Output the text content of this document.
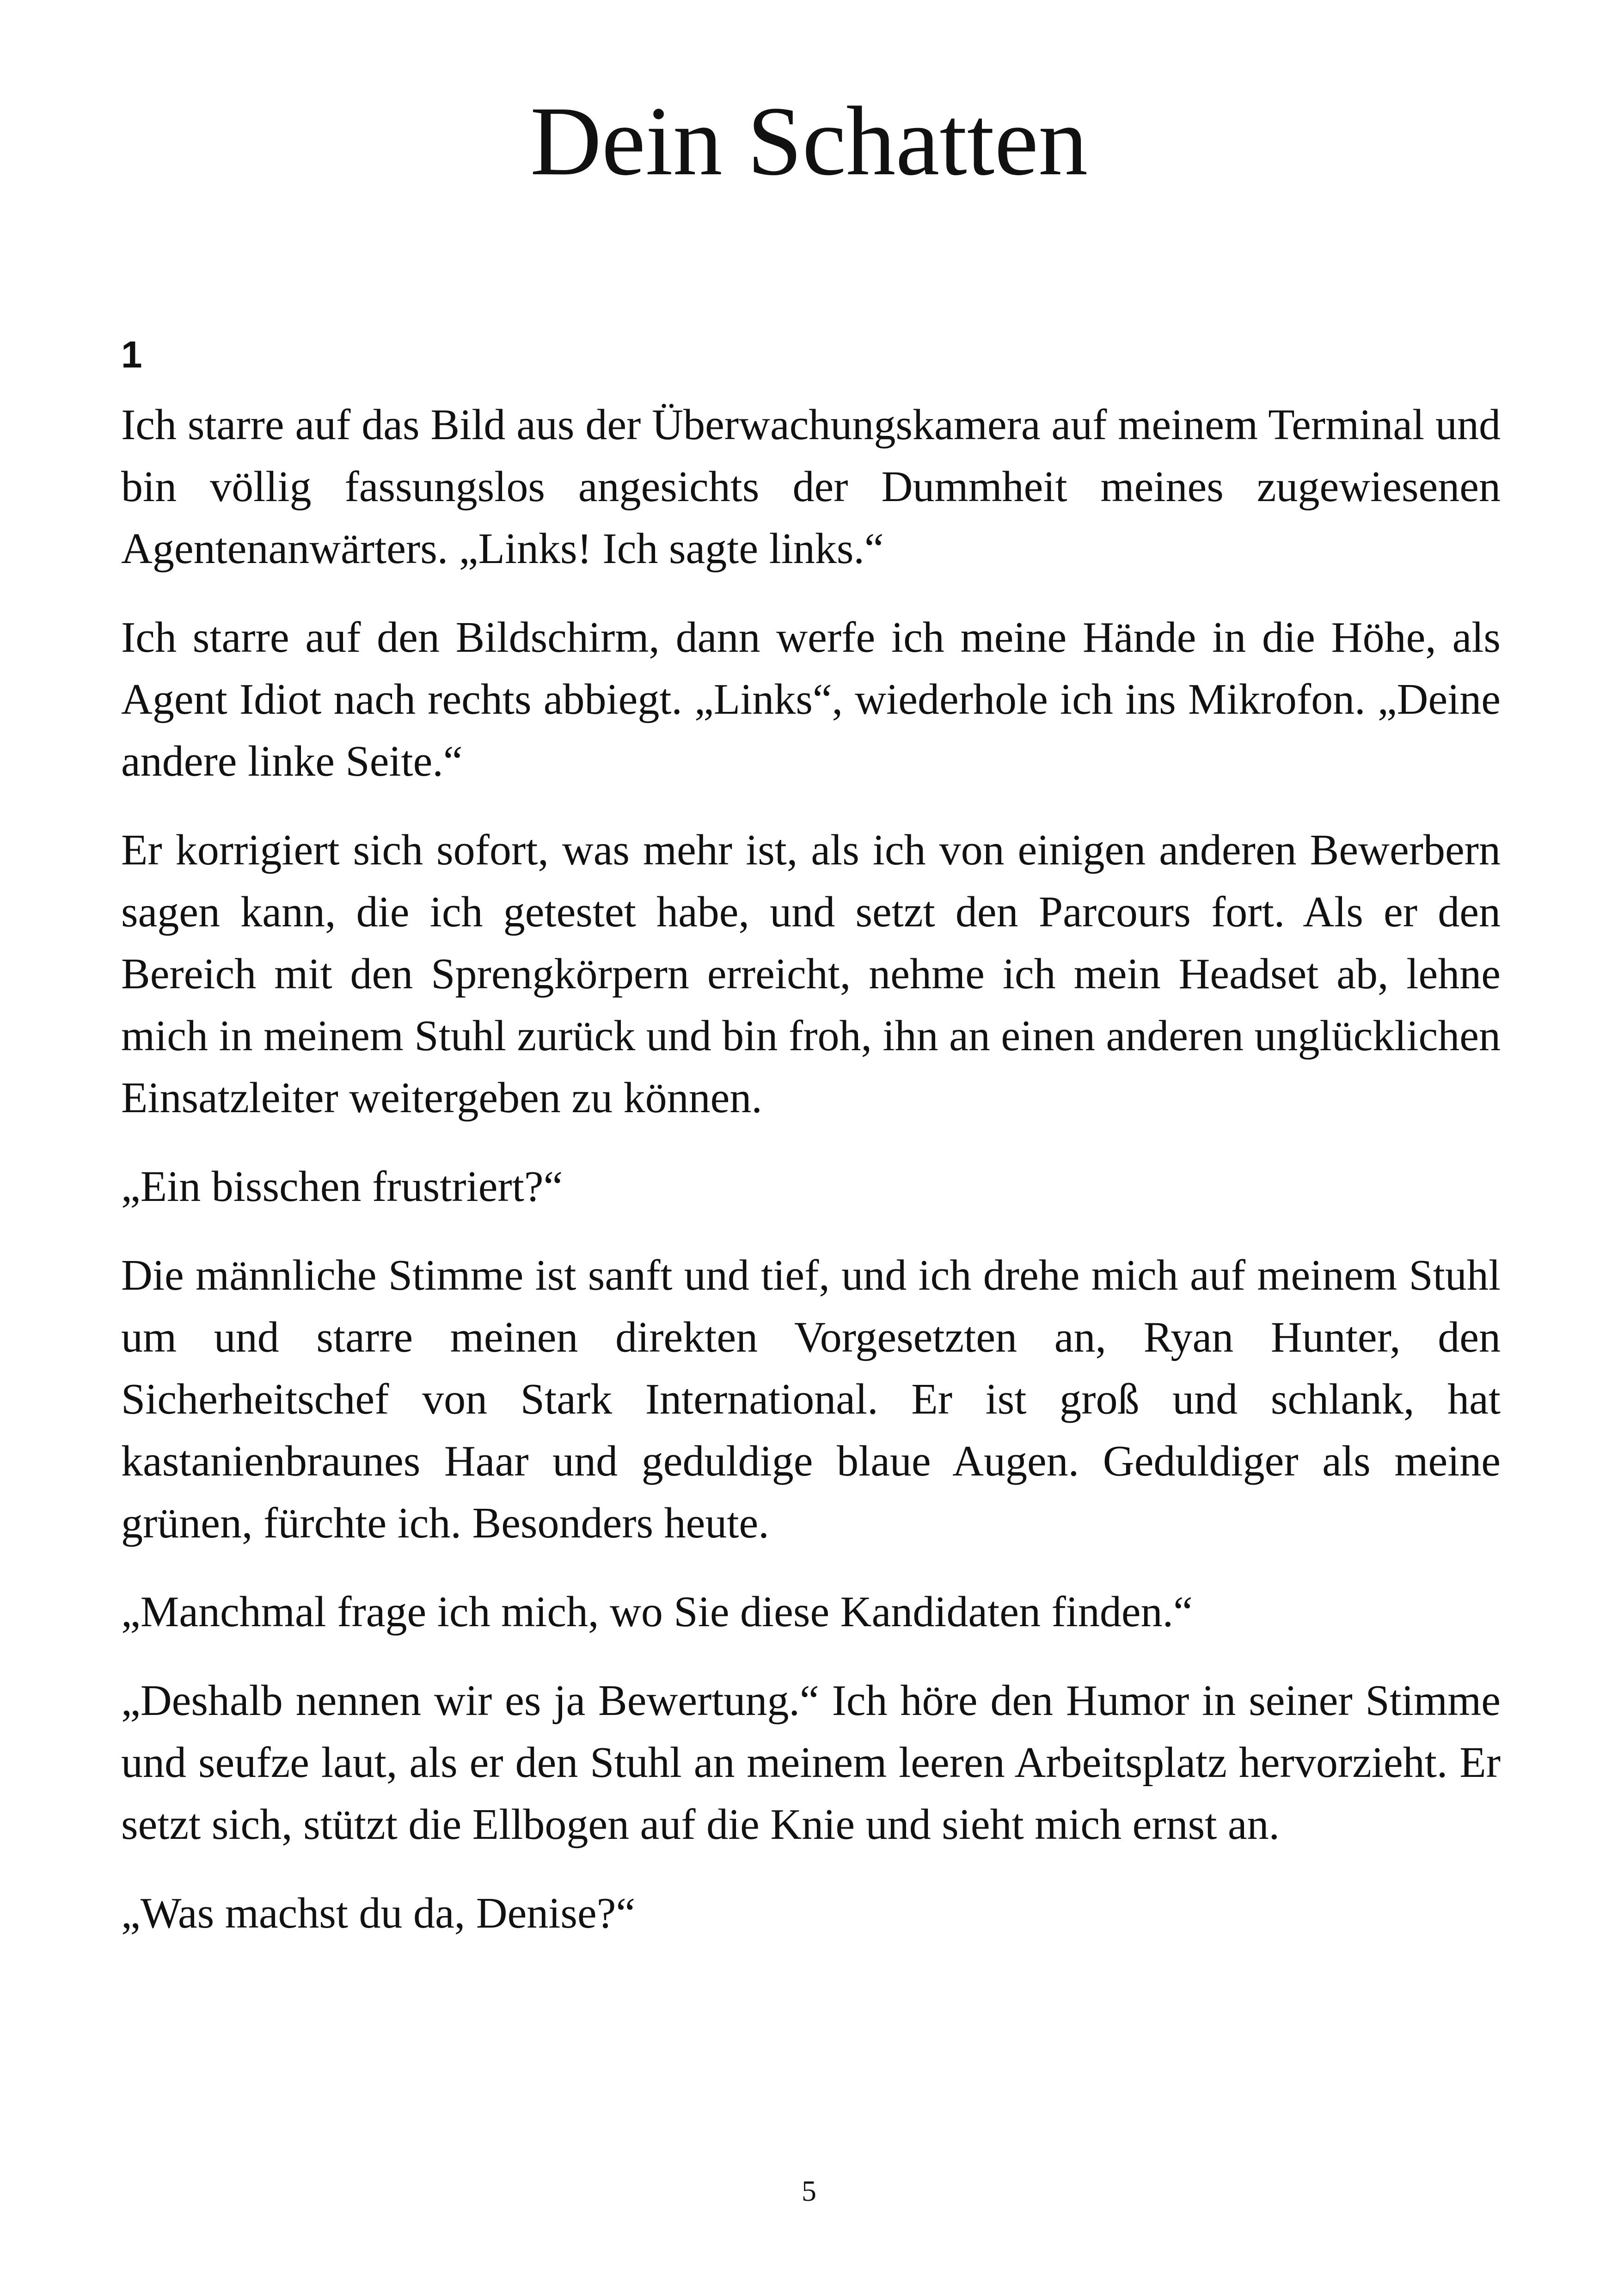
Dein Schatten
1

Ich starre auf das Bild aus der Überwachungskamera auf meinem Terminal und bin völlig fassungslos angesichts der Dummheit meines zugewiesenen Agentenanwärters. „Links! Ich sagte links.“

Ich starre auf den Bildschirm, dann werfe ich meine Hände in die Höhe, als Agent Idiot nach rechts abbiegt. „Links“, wiederhole ich ins Mikrofon. „Deine andere linke Seite.“

Er korrigiert sich sofort, was mehr ist, als ich von einigen anderen Bewerbern sagen kann, die ich getestet habe, und setzt den Parcours fort. Als er den Bereich mit den Sprengkörpern erreicht, nehme ich mein Headset ab, lehne mich in meinem Stuhl zurück und bin froh, ihn an einen anderen unglücklichen Einsatzleiter weitergeben zu können.

„Ein bisschen frustriert?“

Die männliche Stimme ist sanft und tief, und ich drehe mich auf meinem Stuhl um und starre meinen direkten Vorgesetzten an, Ryan Hunter, den Sicherheitschef von Stark International. Er ist groß und schlank, hat kastanienbraunes Haar und geduldige blaue Augen. Geduldiger als meine grünen, fürchte ich. Besonders heute.

„Manchmal frage ich mich, wo Sie diese Kandidaten finden.“

„Deshalb nennen wir es ja Bewertung.“ Ich höre den Humor in seiner Stimme und seufze laut, als er den Stuhl an meinem leeren Arbeitsplatz hervorzieht. Er setzt sich, stützt die Ellbogen auf die Knie und sieht mich ernst an.

„Was machst du da, Denise?“

5
